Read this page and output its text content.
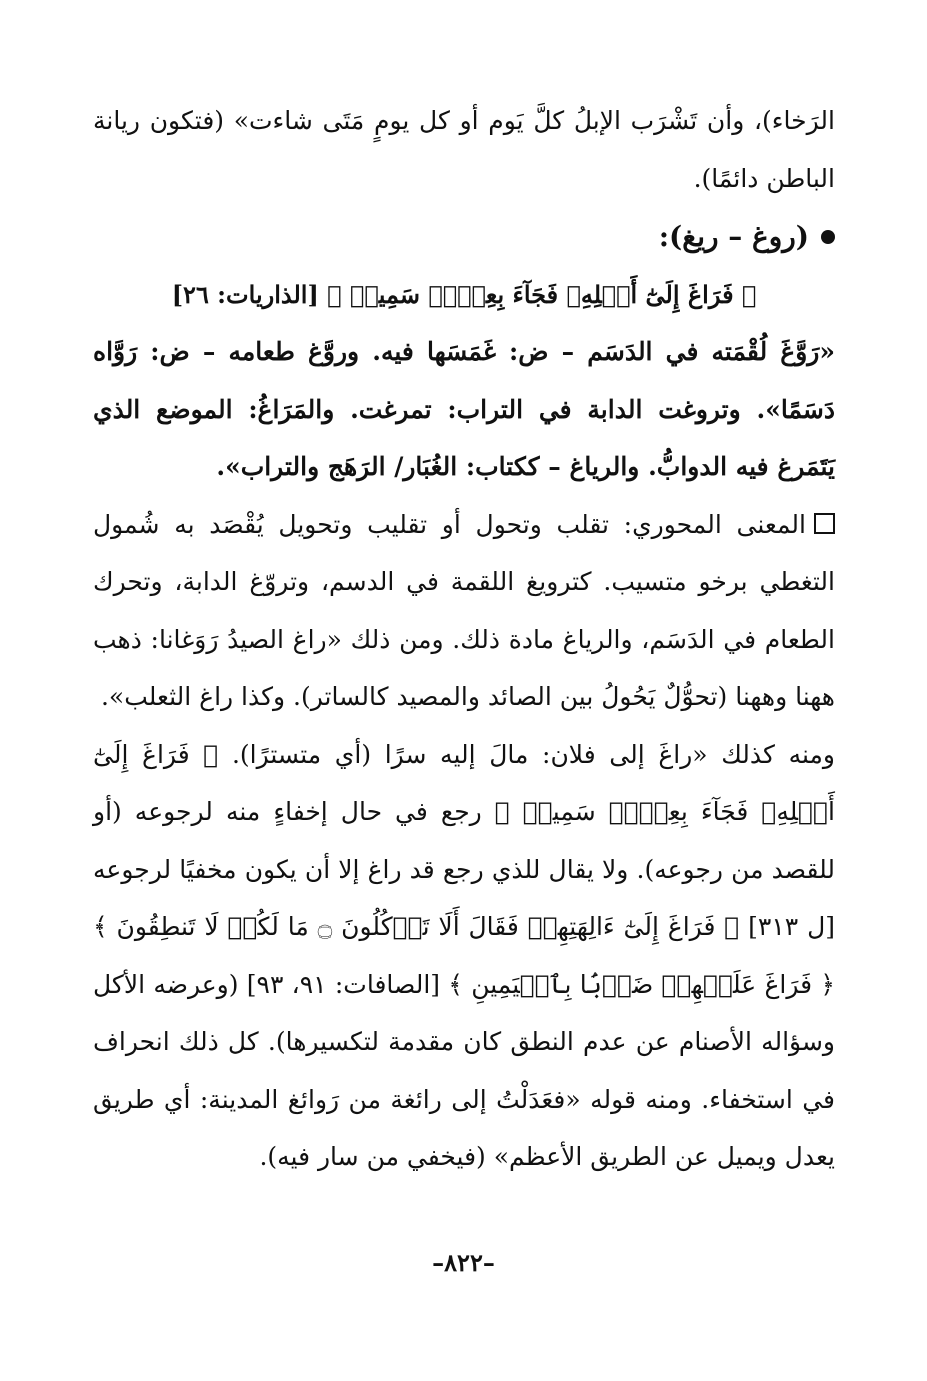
الرَخاء)، وأن تَشْرَب الإبلُ كلَّ يَوم أو كل يومٍ مَتَى شاءت» (فتكون ريانة الباطن دائمًا).

(روغ – ريغ):

﴿ فَرَاغَ إِلَىٰٓ أَهۡلِهِۦ فَجَآءَ بِعِجۡلٖ سَمِينٖ ﴾ [الذاريات: ٢٦]

«رَوَّغَ لُقْمَته في الدَسَم – ض: غَمَسَها فيه. وروَّغ طعامه – ض: رَوَّاه دَسَمًا». وتروغت الدابة في التراب: تمرغت. والمَرَاغُ: الموضع الذي يَتَمَرغ فيه الدوابُّ. والرياغ – ككتاب: الغُبَار/ الرَهَج والتراب».

المعنى المحوري: تقلب وتحول أو تقليب وتحويل يُقْصَد به شُمول التغطي برخو متسيب. كترويغ اللقمة في الدسم، وتروّغ الدابة، وتحرك الطعام في الدَسَم، والرياغ مادة ذلك. ومن ذلك «راغ الصيدُ رَوَغانا: ذهب ههنا وههنا (تحوُّلٌ يَحُولُ بين الصائد والمصيد كالساتر). وكذا راغ الثعلب».

ومنه كذلك «راغَ إلى فلان: مالَ إليه سرًا (أي متسترًا). ﴿ فَرَاغَ إِلَىٰٓ أَهۡلِهِۦ فَجَآءَ بِعِجۡلٖ سَمِينٖ ﴾ رجع في حال إخفاءٍ منه لرجوعه (أو للقصد من رجوعه). ولا يقال للذي رجع قد راغ إلا أن يكون مخفيًا لرجوعه [ل ٣١٣] ﴿ فَرَاغَ إِلَىٰٓ ءَالِهَتِهِمۡ فَقَالَ أَلَا تَأۡكُلُونَ ۝ مَا لَكُمۡ لَا تَنطِقُونَ ﴾ ﴿ فَرَاغَ عَلَيۡهِمۡ ضَرۡبَۢا بِٱلۡيَمِينِ ﴾ [الصافات: ٩١، ٩٣] (وعرضه الأكل وسؤاله الأصنام عن عدم النطق كان مقدمة لتكسيرها). كل ذلك انحراف في استخفاء. ومنه قوله «فعَدَلْتُ إلى رائغة من رَوائغ المدينة: أي طريق يعدل ويميل عن الطريق الأعظم» (فيخفي من سار فيه).

–٨٢٢–
